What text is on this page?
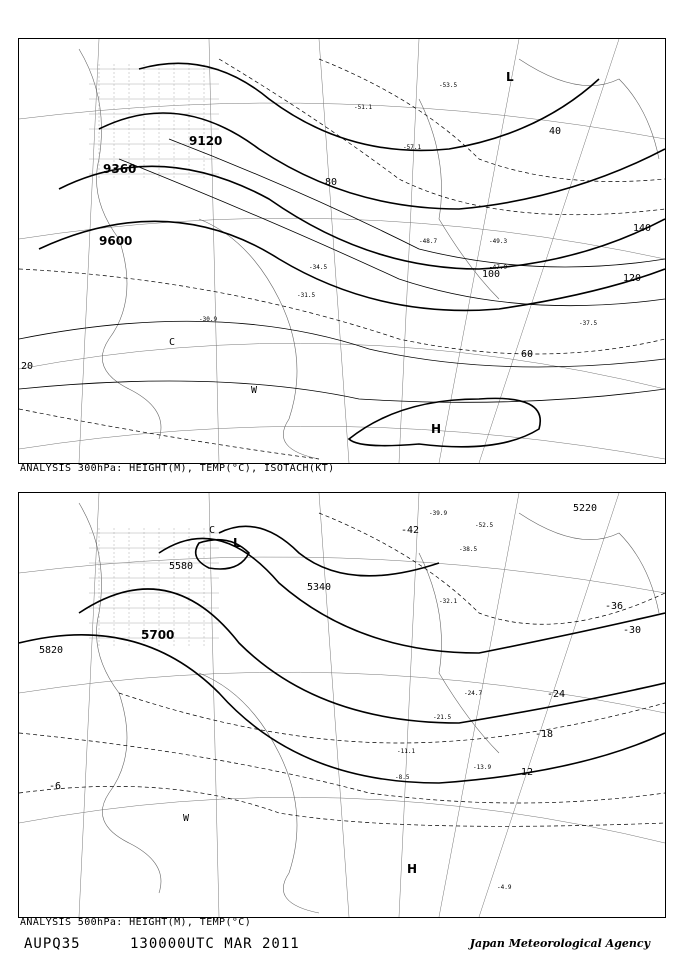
9120
9360
9600
20
40
60
80
100	120
140
L
H
C
W
-53.5
-57.1
-51.1
-47.9
-37.5
-31.5
-30.9
-49.3
-48.7
-34.5
ANALYSIS 300hPa: HEIGHT(M), TEMP(°C), ISOTACH(KT)
5220
5340
5580
5700
5820
-42
-36
-30
-24
-18
12
-6
L
H
C
W
-39.9
-52.5
-38.5
-32.1
-24.7
-21.5
-13.9
-11.1
-8.5
-4.9
ANALYSIS 500hPa: HEIGHT(M), TEMP(°C)
AUPQ35	130000UTC MAR 2011	Japan Meteorological Agency
